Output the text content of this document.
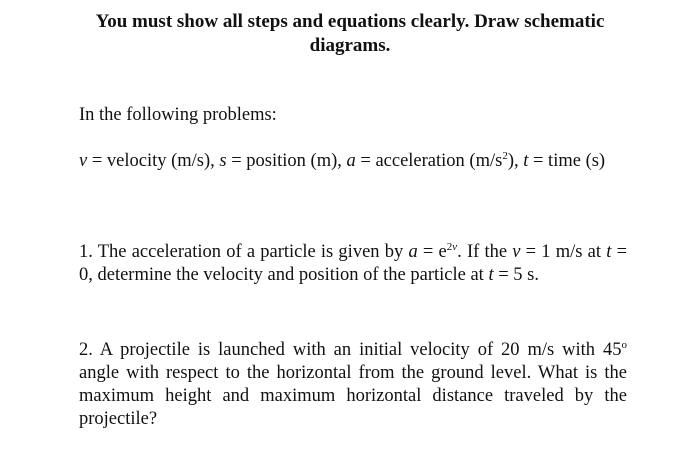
You must show all steps and equations clearly. Draw schematic
diagrams.
In the following problems:
v = velocity (m/s), s = position (m), a = acceleration $(m/s^2)$, t = time (s)
1. The acceleration of a particle is given by $a = e^{2v}$. If the v = 1 m/s at t = 0, determine the velocity and position of the particle at t = 5 s.
2. A projectile is launched with an initial velocity of 20 m/s with 45$^o$ angle with respect to the horizontal from the ground level. What is the maximum height and maximum horizontal distance traveled by the projectile?
